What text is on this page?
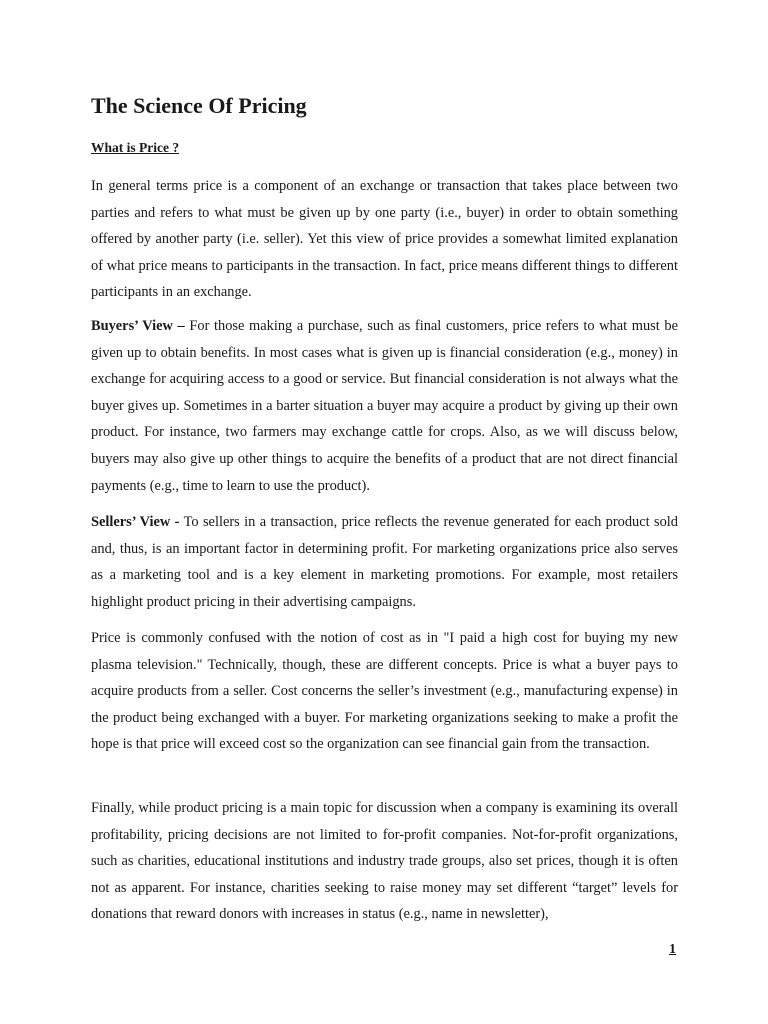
The Science Of Pricing
What is Price ?

In general terms price is a component of an exchange or transaction that takes place between two parties and refers to what must be given up by one party (i.e., buyer) in order to obtain something offered by another party (i.e. seller). Yet this view of price provides a somewhat limited explanation of what price means to participants in the transaction. In fact, price means different things to different participants in an exchange.

Buyers’ View – For those making a purchase, such as final customers, price refers to what must be given up to obtain benefits. In most cases what is given up is financial consideration (e.g., money) in exchange for acquiring access to a good or service. But financial consideration is not always what the buyer gives up. Sometimes in a barter situation a buyer may acquire a product by giving up their own product. For instance, two farmers may exchange cattle for crops. Also, as we will discuss below, buyers may also give up other things to acquire the benefits of a product that are not direct financial payments (e.g., time to learn to use the product).

Sellers’ View - To sellers in a transaction, price reflects the revenue generated for each product sold and, thus, is an important factor in determining profit. For marketing organizations price also serves as a marketing tool and is a key element in marketing promotions. For example, most retailers highlight product pricing in their advertising campaigns.

Price is commonly confused with the notion of cost as in "I paid a high cost for buying my new plasma television." Technically, though, these are different concepts. Price is what a buyer pays to acquire products from a seller. Cost concerns the seller’s investment (e.g., manufacturing expense) in the product being exchanged with a buyer. For marketing organizations seeking to make a profit the hope is that price will exceed cost so the organization can see financial gain from the transaction.

Finally, while product pricing is a main topic for discussion when a company is examining its overall profitability, pricing decisions are not limited to for-profit companies. Not-for-profit organizations, such as charities, educational institutions and industry trade groups, also set prices, though it is often not as apparent. For instance, charities seeking to raise money may set different “target” levels for donations that reward donors with increases in status (e.g., name in newsletter),

1
